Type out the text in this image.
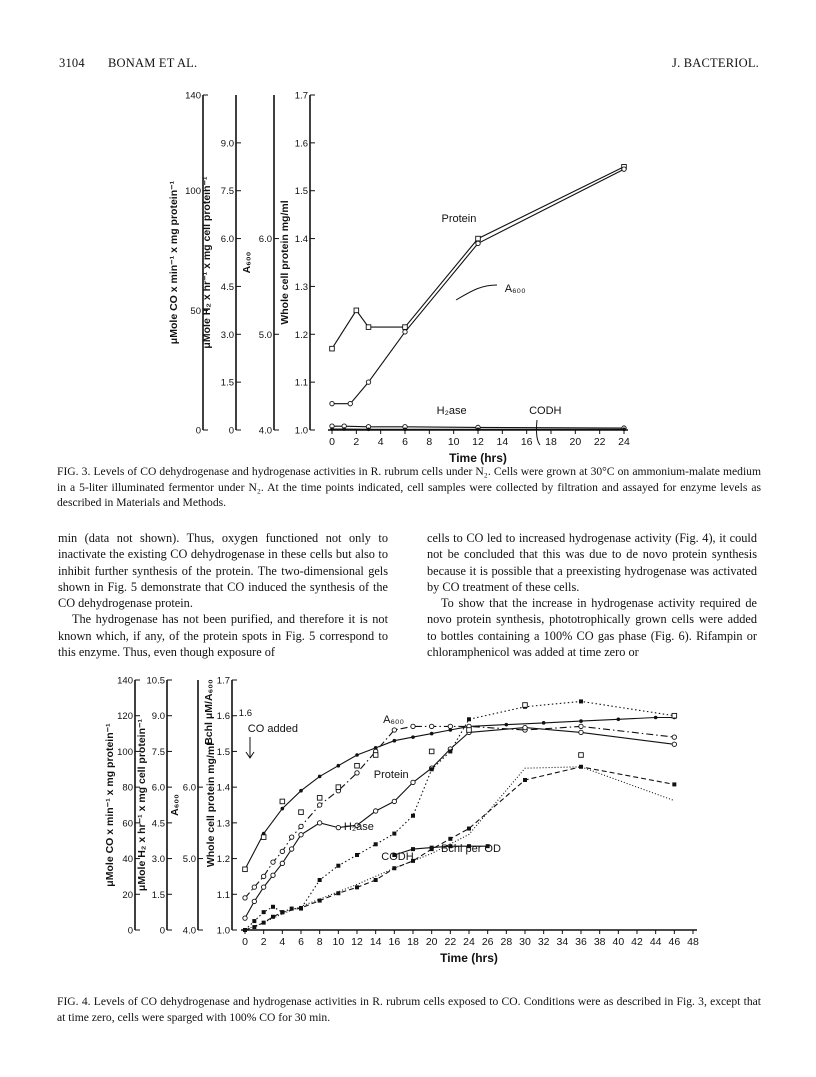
3104 BONAM ET AL.	J. BACTERIOL.
0 2 4 6 8 10 12 14 16 18 20 22 24
Time (hrs)
0
50
100
140
μMole CO x min⁻¹ x mg protein⁻¹
0
1.5
3.0
4.5
6.0
7.5
9.0
μMole H₂ x hr⁻¹ x mg cell protein⁻¹
4.0
5.0
6.0
A₆₀₀
1.0
1.1
1.2
1.3
1.4
1.5
1.6
1.7
Whole cell protein mg/ml	Protein
A₆₀₀
H₂ase	CODH

FIG. 3. Levels of CO dehydrogenase and hydrogenase activities in R. rubrum cells under N₂. Cells were grown at 30°C on ammonium-malate medium in a 5-liter illuminated fermentor under N₂. At the time points indicated, cell samples were collected by filtration and assayed for enzyme levels as described in Materials and Methods.

min (data not shown). Thus, oxygen functioned not only to inactivate the existing CO dehydrogenase in these cells but also to inhibit further synthesis of the protein. The two-dimensional gels shown in Fig. 5 demonstrate that CO induced the synthesis of the CO dehydrogenase protein.

The hydrogenase has not been purified, and therefore it is not known which, if any, of the protein spots in Fig. 5 correspond to this enzyme. Thus, even though exposure of

cells to CO led to increased hydrogenase activity (Fig. 4), it could not be concluded that this was due to de novo protein synthesis because it is possible that a preexisting hydrogenase was activated by CO treatment of these cells.

To show that the increase in hydrogenase activity required de novo protein synthesis, phototrophically grown cells were added to bottles containing a 100% CO gas phase (Fig. 6). Rifampin or chloramphenicol was added at time zero or

0 2 4 6 8 10 12 14 16 18 20 22 24 26 28 30 32 34 36 38 40 42 44 46 48
Time (hrs)
0
20
40
60
80
100
120
140
μMole CO x min⁻¹ x mg protein⁻¹
0
1.5
3.0
4.5
6.0
7.5
9.0
10.5
μMole H₂ x hr⁻¹ x mg cell protein⁻¹
4.0
5.0
6.0
A₆₀₀
1.0
1.1
1.2
1.3
1.4
1.5
1.6
1.7
Whole cell protein mg/ml
CO added
A₆₀₀
Protein
H₂ase
CODH
Bchl per OD
Bchl μM/A₆₀₀	1.6

FIG. 4. Levels of CO dehydrogenase and hydrogenase activities in R. rubrum cells exposed to CO. Conditions were as described in Fig. 3, except that at time zero, cells were sparged with 100% CO for 30 min.
